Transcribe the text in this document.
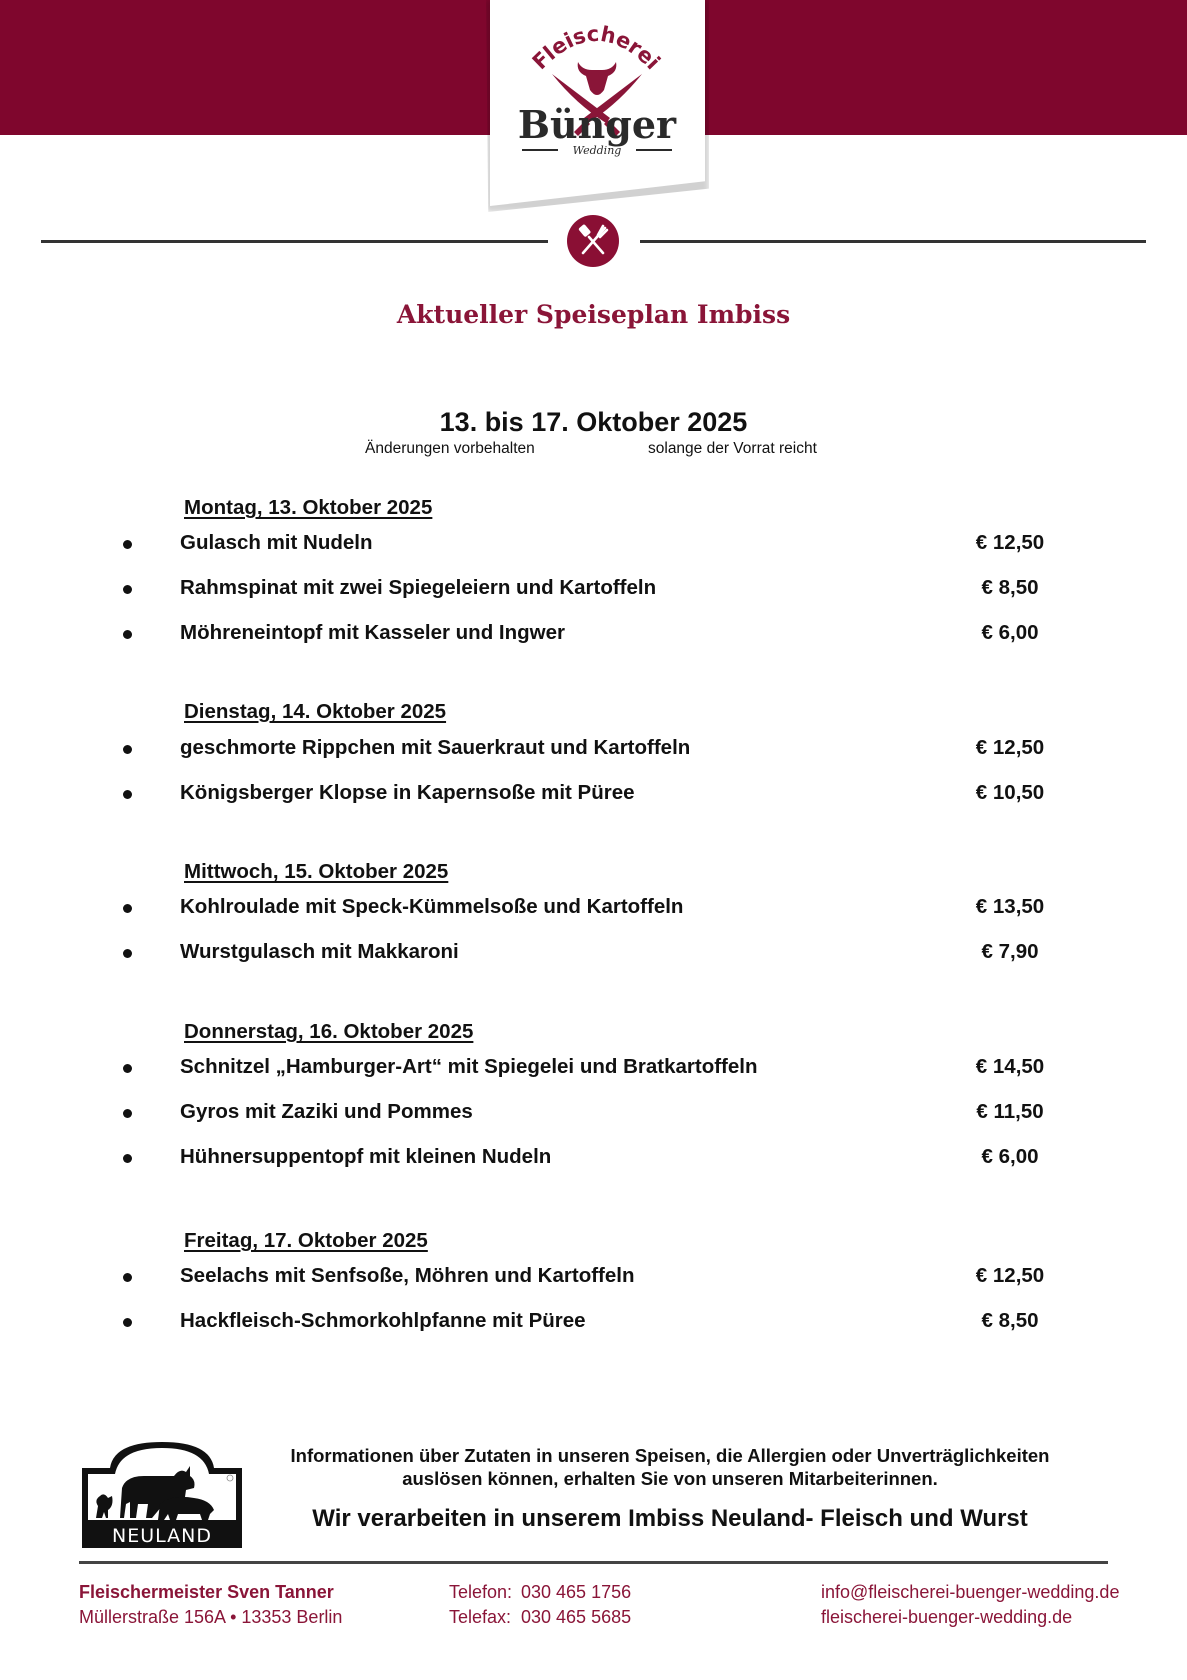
Fleischerei
Bünger
Wedding
Aktueller Speiseplan Imbiss
13. bis 17. Oktober 2025
Änderungen vorbehalten	solange der Vorrat reicht
Montag, 13. Oktober 2025
Gulasch mit Nudeln	€ 12,50
Rahmspinat mit zwei Spiegeleiern und Kartoffeln	€ 8,50
Möhreneintopf mit Kasseler und Ingwer	€ 6,00
Dienstag, 14. Oktober 2025
geschmorte Rippchen mit Sauerkraut und Kartoffeln	€ 12,50
Königsberger Klopse in Kapernsoße mit Püree	€ 10,50
Mittwoch, 15. Oktober 2025
Kohlroulade mit Speck-Kümmelsoße und Kartoffeln	€ 13,50
Wurstgulasch mit Makkaroni	€ 7,90
Donnerstag, 16. Oktober 2025
Schnitzel „Hamburger-Art“ mit Spiegelei und Bratkartoffeln	€ 14,50
Gyros mit Zaziki und Pommes	€ 11,50
Hühnersuppentopf mit kleinen Nudeln	€ 6,00
Freitag, 17. Oktober 2025
Seelachs mit Senfsoße, Möhren und Kartoffeln	€ 12,50
Hackfleisch-Schmorkohlpfanne mit Püree	€ 8,50
NEULAND
Informationen über Zutaten in unseren Speisen, die Allergien oder Unverträglichkeiten
auslösen können, erhalten Sie von unseren Mitarbeiterinnen.
Wir verarbeiten in unserem Imbiss Neuland- Fleisch und Wurst
Fleischermeister Sven Tanner
Müllerstraße 156A • 13353 Berlin
Telefon: 030 465 1756
Telefax: 030 465 5685
info@fleischerei-buenger-wedding.de
fleischerei-buenger-wedding.de
